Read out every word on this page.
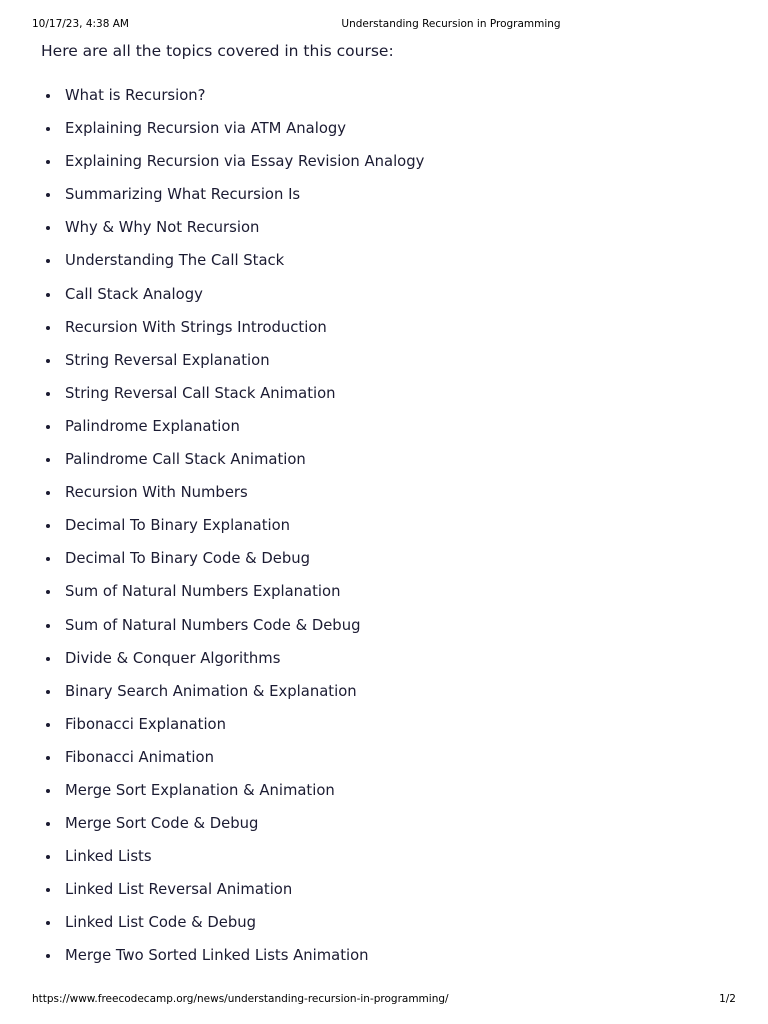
10/17/23, 4:38 AM	Understanding Recursion in Programming

Here are all the topics covered in this course:

What is Recursion?
Explaining Recursion via ATM Analogy
Explaining Recursion via Essay Revision Analogy
Summarizing What Recursion Is
Why & Why Not Recursion
Understanding The Call Stack
Call Stack Analogy
Recursion With Strings Introduction
String Reversal Explanation
String Reversal Call Stack Animation
Palindrome Explanation
Palindrome Call Stack Animation
Recursion With Numbers
Decimal To Binary Explanation
Decimal To Binary Code & Debug
Sum of Natural Numbers Explanation
Sum of Natural Numbers Code & Debug
Divide & Conquer Algorithms
Binary Search Animation & Explanation
Fibonacci Explanation
Fibonacci Animation
Merge Sort Explanation & Animation
Merge Sort Code & Debug
Linked Lists
Linked List Reversal Animation
Linked List Code & Debug
Merge Two Sorted Linked Lists Animation
https://www.freecodecamp.org/news/understanding-recursion-in-programming/	1/2
